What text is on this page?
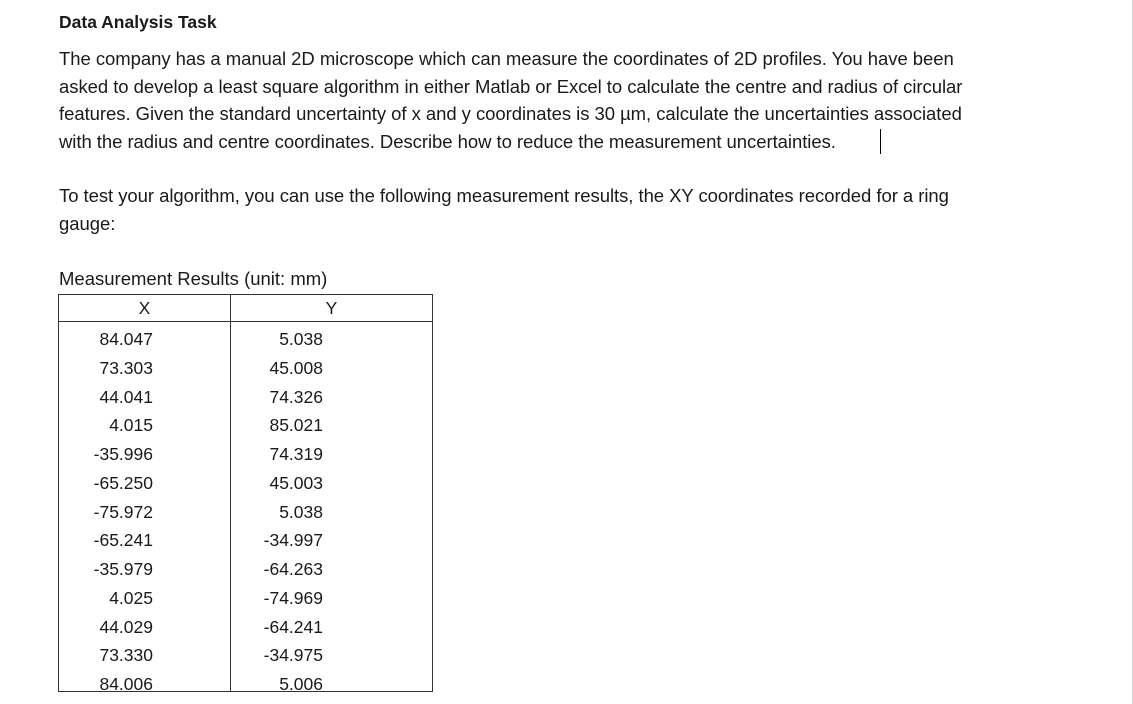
Data Analysis Task
The company has a manual 2D microscope which can measure the coordinates of 2D profiles. You have been
asked to develop a least square algorithm in either Matlab or Excel to calculate the centre and radius of circular
features. Given the standard uncertainty of x and y coordinates is 30 µm, calculate the uncertainties associated
with the radius and centre coordinates. Describe how to reduce the measurement uncertainties.
To test your algorithm, you can use the following measurement results, the XY coordinates recorded for a ring
gauge:
Measurement Results (unit: mm)
X	Y
84.047	5.038
73.303	45.008
44.041	74.326
4.015	85.021
-35.996	74.319
-65.250	45.003
-75.972	5.038
-65.241	-34.997
-35.979	-64.263
4.025	-74.969
44.029	-64.241
73.330	-34.975
84.006	5.006
